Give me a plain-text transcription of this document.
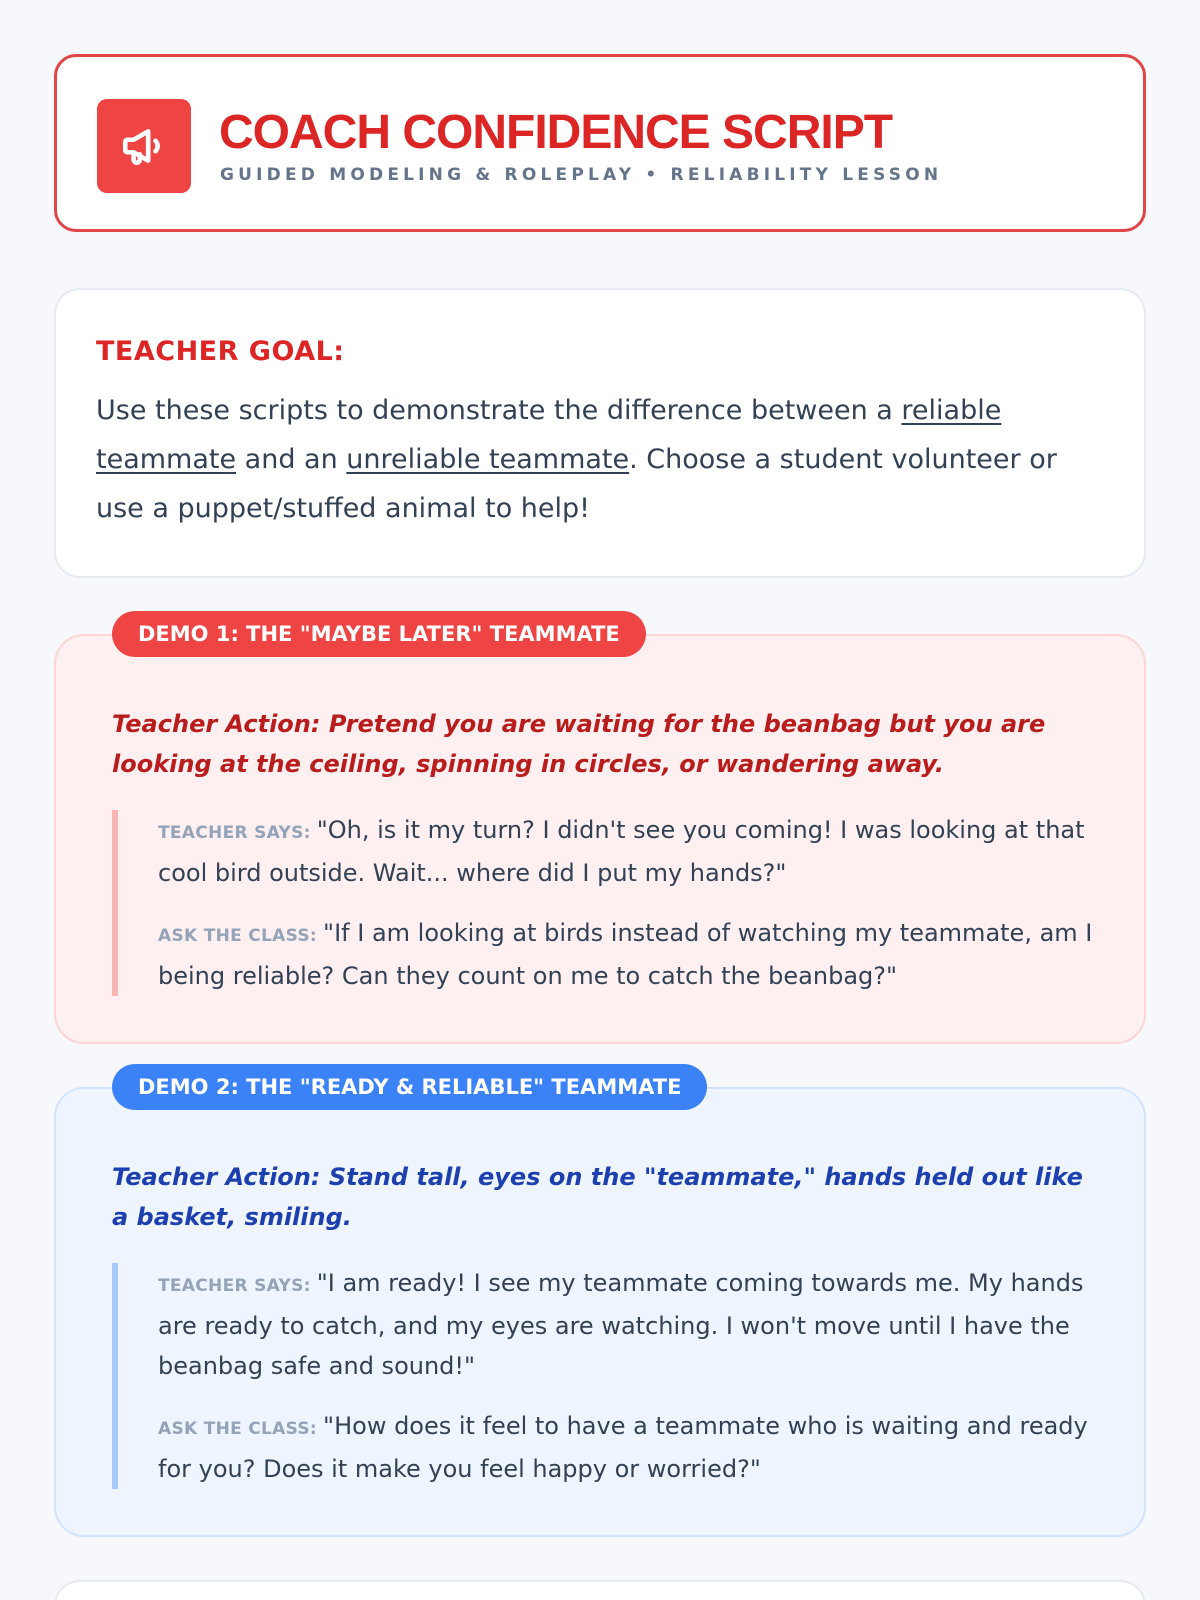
COACH CONFIDENCE SCRIPT
GUIDED MODELING & ROLEPLAY • RELIABILITY LESSON
TEACHER GOAL:
Use these scripts to demonstrate the difference between a reliable teammate and an unreliable teammate. Choose a student volunteer or use a puppet/stuffed animal to help!
DEMO 1: THE "MAYBE LATER" TEAMMATE
Teacher Action: Pretend you are waiting for the beanbag but you are looking at the ceiling, spinning in circles, or wandering away.
TEACHER SAYS: "Oh, is it my turn? I didn't see you coming! I was looking at that cool bird outside. Wait... where did I put my hands?"
ASK THE CLASS: "If I am looking at birds instead of watching my teammate, am I being reliable? Can they count on me to catch the beanbag?"
DEMO 2: THE "READY & RELIABLE" TEAMMATE
Teacher Action: Stand tall, eyes on the "teammate," hands held out like a basket, smiling.
TEACHER SAYS: "I am ready! I see my teammate coming towards me. My hands are ready to catch, and my eyes are watching. I won't move until I have the beanbag safe and sound!"
ASK THE CLASS: "How does it feel to have a teammate who is waiting and ready for you? Does it make you feel happy or worried?"
